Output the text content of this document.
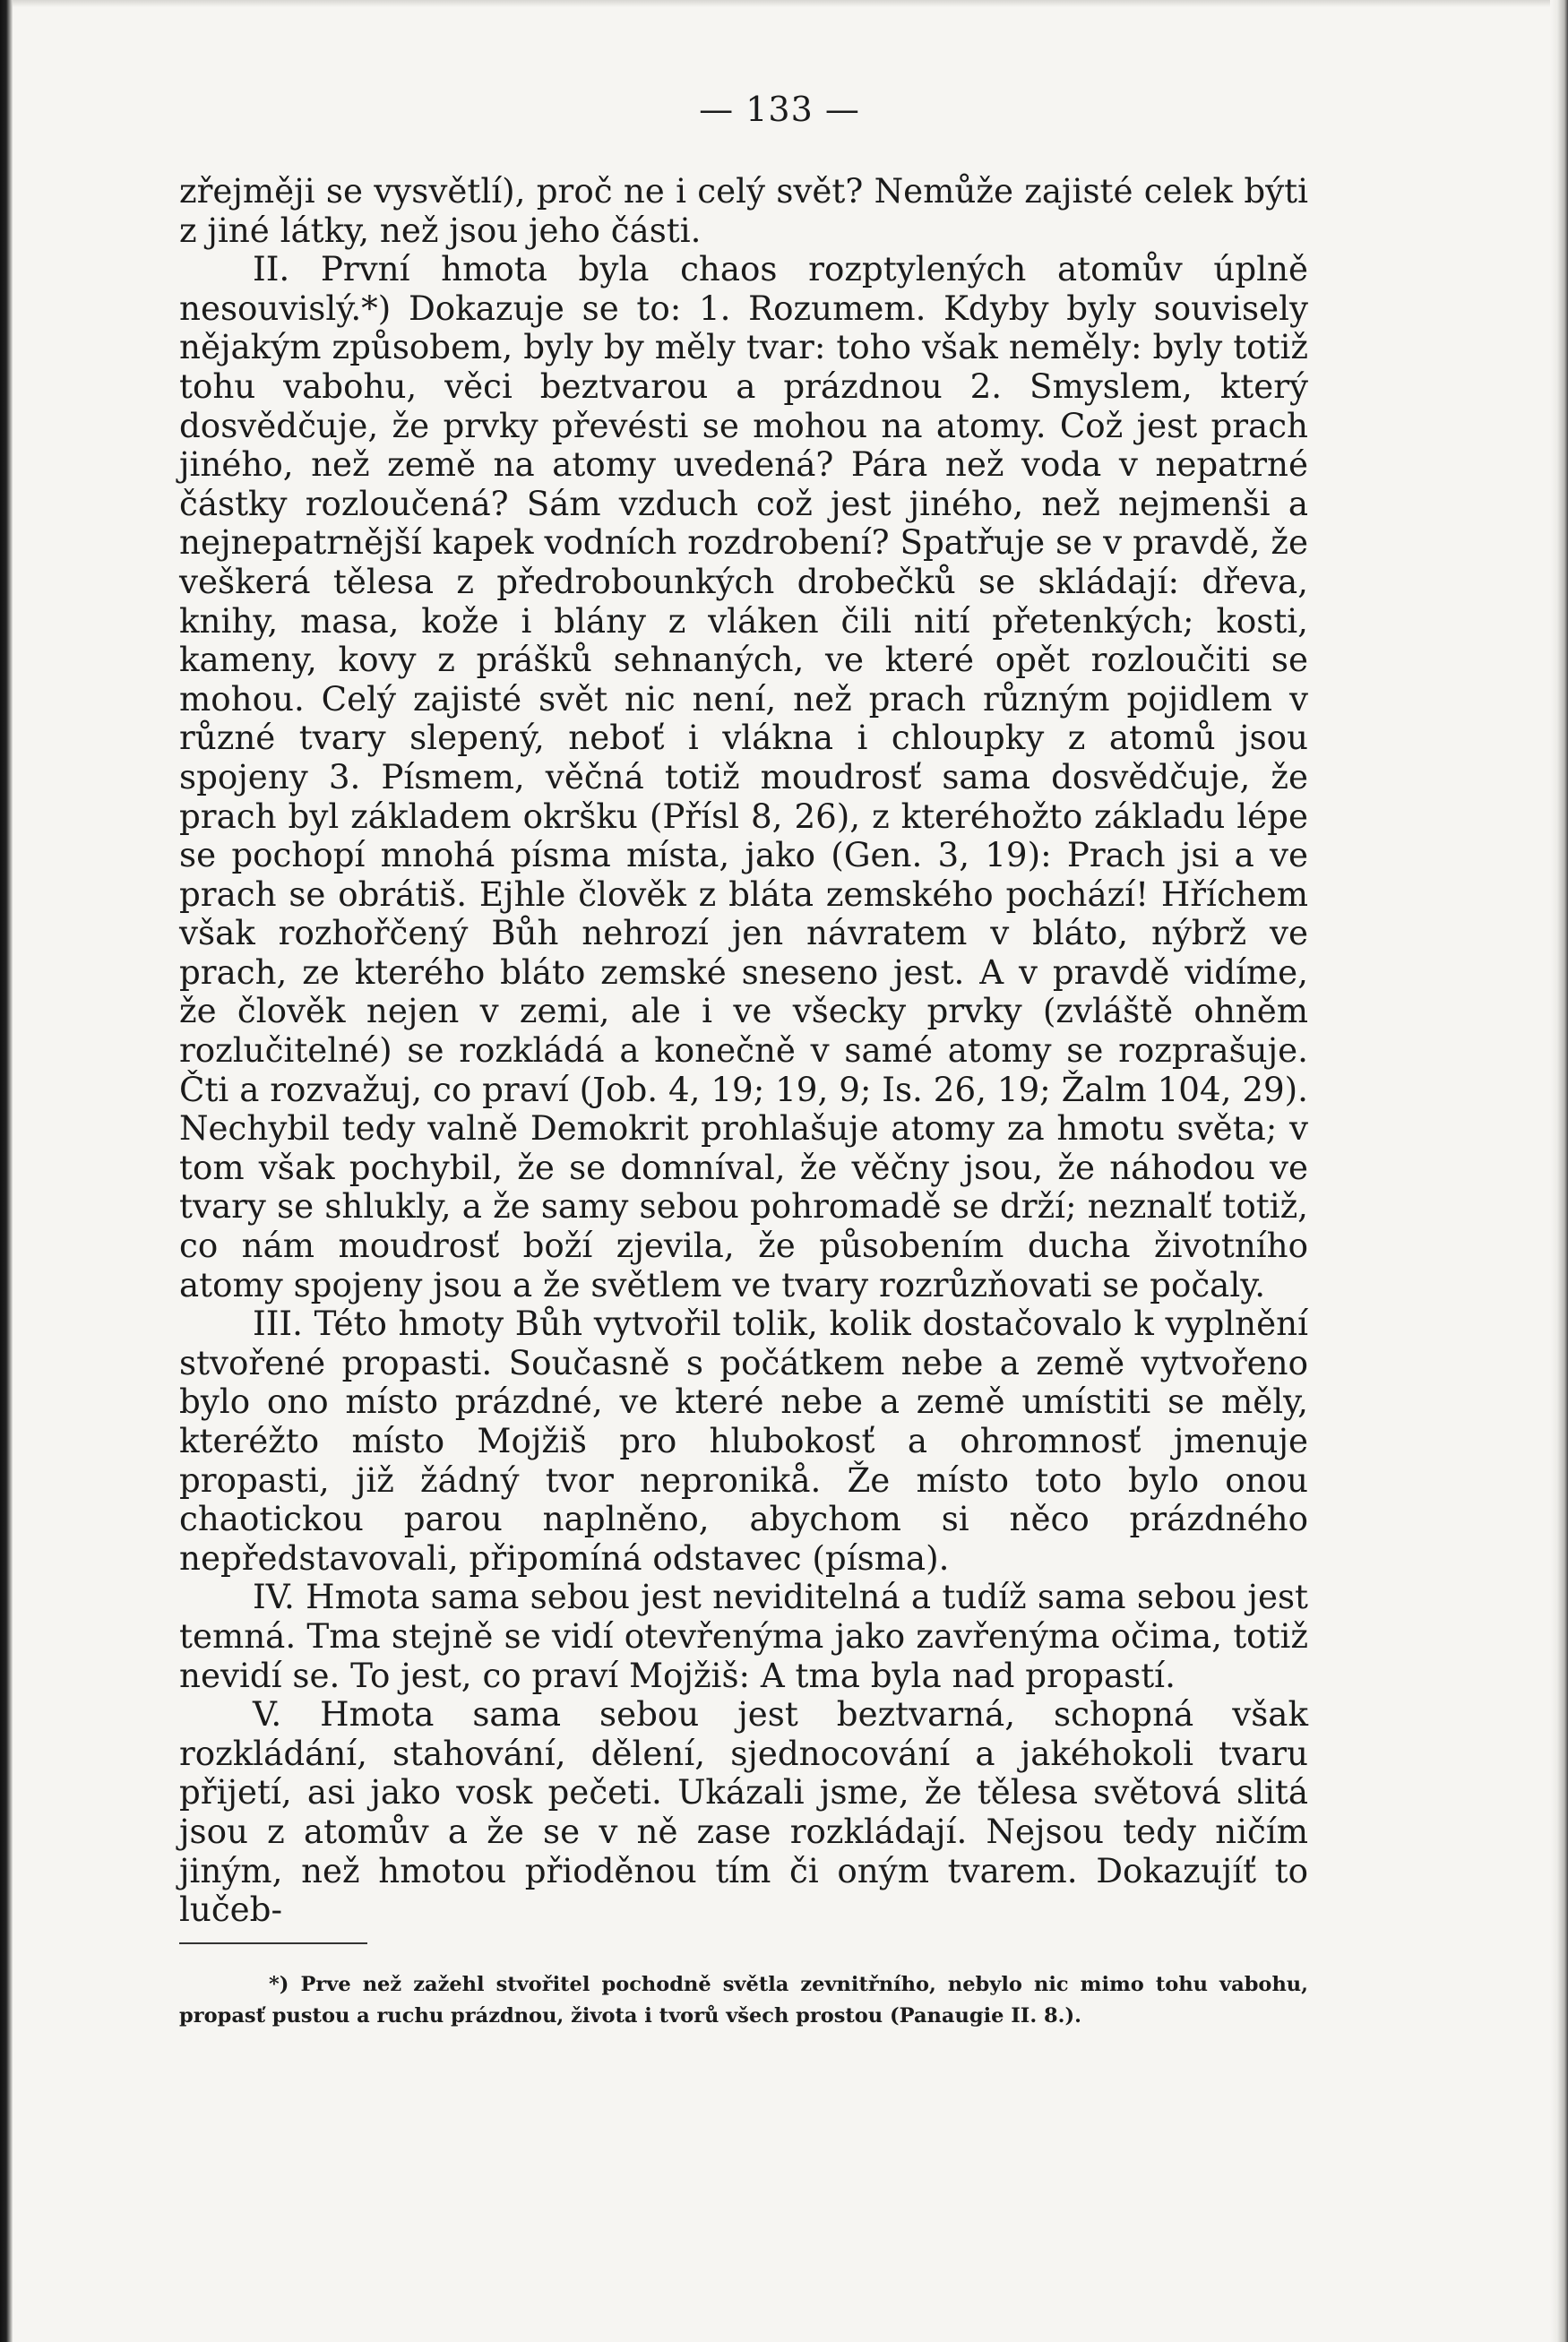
— 133 —

zřejměji se vysvětlí), proč ne i celý svět? Nemůže zajisté celek býti z jiné látky, než jsou jeho části.

II. První hmota byla chaos rozptylených atomův úplně nesouvislý.*) Dokazuje se to: 1. Rozumem. Kdyby byly souvisely nějakým způsobem, byly by měly tvar: toho však neměly: byly totiž tohu vabohu, věci beztvarou a prázdnou 2. Smyslem, který dosvědčuje, že prvky převésti se mohou na atomy. Což jest prach jiného, než země na atomy uvedená? Pára než voda v nepatrné částky rozloučená? Sám vzduch což jest jiného, než nejmenši a nejnepatrnější kapek vodních rozdrobení? Spatřuje se v pravdě, že veškerá tělesa z předrobounkých drobečků se skládají: dřeva, knihy, masa, kože i blány z vláken čili nití přetenkých; kosti, kameny, kovy z prášků sehnaných, ve které opět rozloučiti se mohou. Celý zajisté svět nic není, než prach různým pojidlem v různé tvary slepený, neboť i vlákna i chloupky z atomů jsou spojeny 3. Písmem, věčná totiž moudrosť sama dosvědčuje, že prach byl základem okršku (Přísl 8, 26), z kteréhožto základu lépe se pochopí mnohá písma místa, jako (Gen. 3, 19): Prach jsi a ve prach se obrátiš. Ejhle člověk z bláta zemského pochází! Hříchem však rozhořčený Bůh nehrozí jen návratem v bláto, nýbrž ve prach, ze kterého bláto zemské sneseno jest. A v pravdě vidíme, že člověk nejen v zemi, ale i ve všecky prvky (zvláště ohněm rozlučitelné) se rozkládá a konečně v samé atomy se rozprašuje. Čti a rozvažuj, co praví (Job. 4, 19; 19, 9; Is. 26, 19; Žalm 104, 29). Nechybil tedy valně Demokrit prohlašuje atomy za hmotu světa; v tom však pochybil, že se domníval, že věčny jsou, že náhodou ve tvary se shlukly, a že samy sebou pohromadě se drží; neznalť totiž, co nám moudrosť boží zjevila, že působením ducha životního atomy spojeny jsou a že světlem ve tvary rozrůzňovati se počaly.

III. Této hmoty Bůh vytvořil tolik, kolik dostačovalo k vyplnění stvořené propasti. Současně s počátkem nebe a země vytvořeno bylo ono místo prázdné, ve které nebe a země umístiti se měly, kteréžto místo Mojžiš pro hlubokosť a ohromnosť jmenuje propasti, již žádný tvor nepronikå. Že místo toto bylo onou chaotickou parou naplněno, abychom si něco prázdného nepředstavovali, připomíná odstavec (písma).

IV. Hmota sama sebou jest neviditelná a tudíž sama sebou jest temná. Tma stejně se vidí otevřenýma jako zavřenýma očima, totiž nevidí se. To jest, co praví Mojžiš: A tma byla nad propastí.

V. Hmota sama sebou jest beztvarná, schopná však rozkládání, stahování, dělení, sjednocování a jakéhokoli tvaru přijetí, asi jako vosk pečeti. Ukázali jsme, že tělesa světová slitá jsou z atomův a že se v ně zase rozkládají. Nejsou tedy ničím jiným, než hmotou přioděnou tím či oným tvarem. Dokazujíť to lučeb-

*) Prve než zažehl stvořitel pochodně světla zevnitřního, nebylo nic mimo tohu vabohu, propasť pustou a ruchu prázdnou, života i tvorů všech prostou (Panaugie II. 8.).
